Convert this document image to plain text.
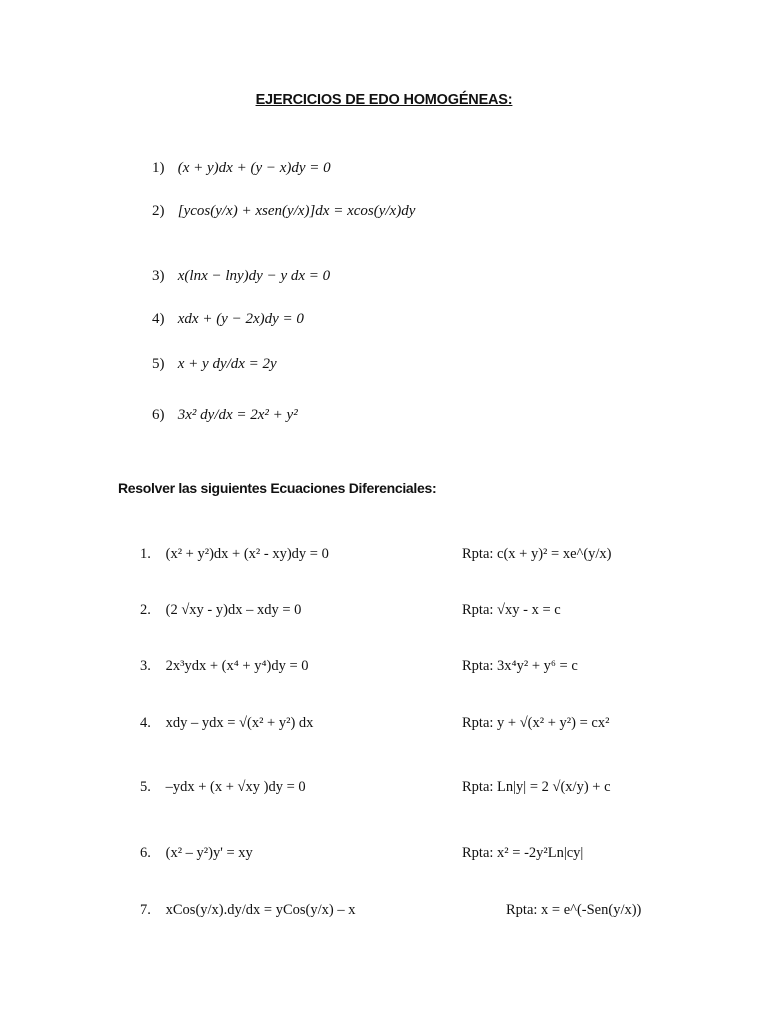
EJERCICIOS DE EDO HOMOGÉNEAS:
1) (x + y)dx + (y − x)dy = 0
2) [ycos(y/x) + xsen(y/x)]dx = xcos(y/x)dy
3) x(lnx − lny)dy − y dx = 0
4) xdx + (y − 2x)dy = 0
5) x + y dy/dx = 2y
6) 3x² dy/dx = 2x² + y²
Resolver las siguientes Ecuaciones Diferenciales:
1. (x² + y²)dx + (x² - xy)dy = 0	Rpta: c(x + y)² = xe^(y/x)
2. (2 √xy - y)dx – xdy = 0	Rpta: √xy - x = c
3. 2x³ydx + (x⁴ + y⁴)dy = 0	Rpta: 3x⁴y² + y⁶ = c
4. xdy – ydx = √(x² + y²) dx	Rpta: y + √(x² + y²) = cx²
5. –ydx + (x + √xy )dy = 0	Rpta: Ln|y| = 2 √(x/y) + c
6. (x² – y²)y' = xy	Rpta: x² = -2y²Ln|cy|
7. xCos(y/x).dy/dx = yCos(y/x) – x	Rpta: x = e^(-Sen(y/x))
